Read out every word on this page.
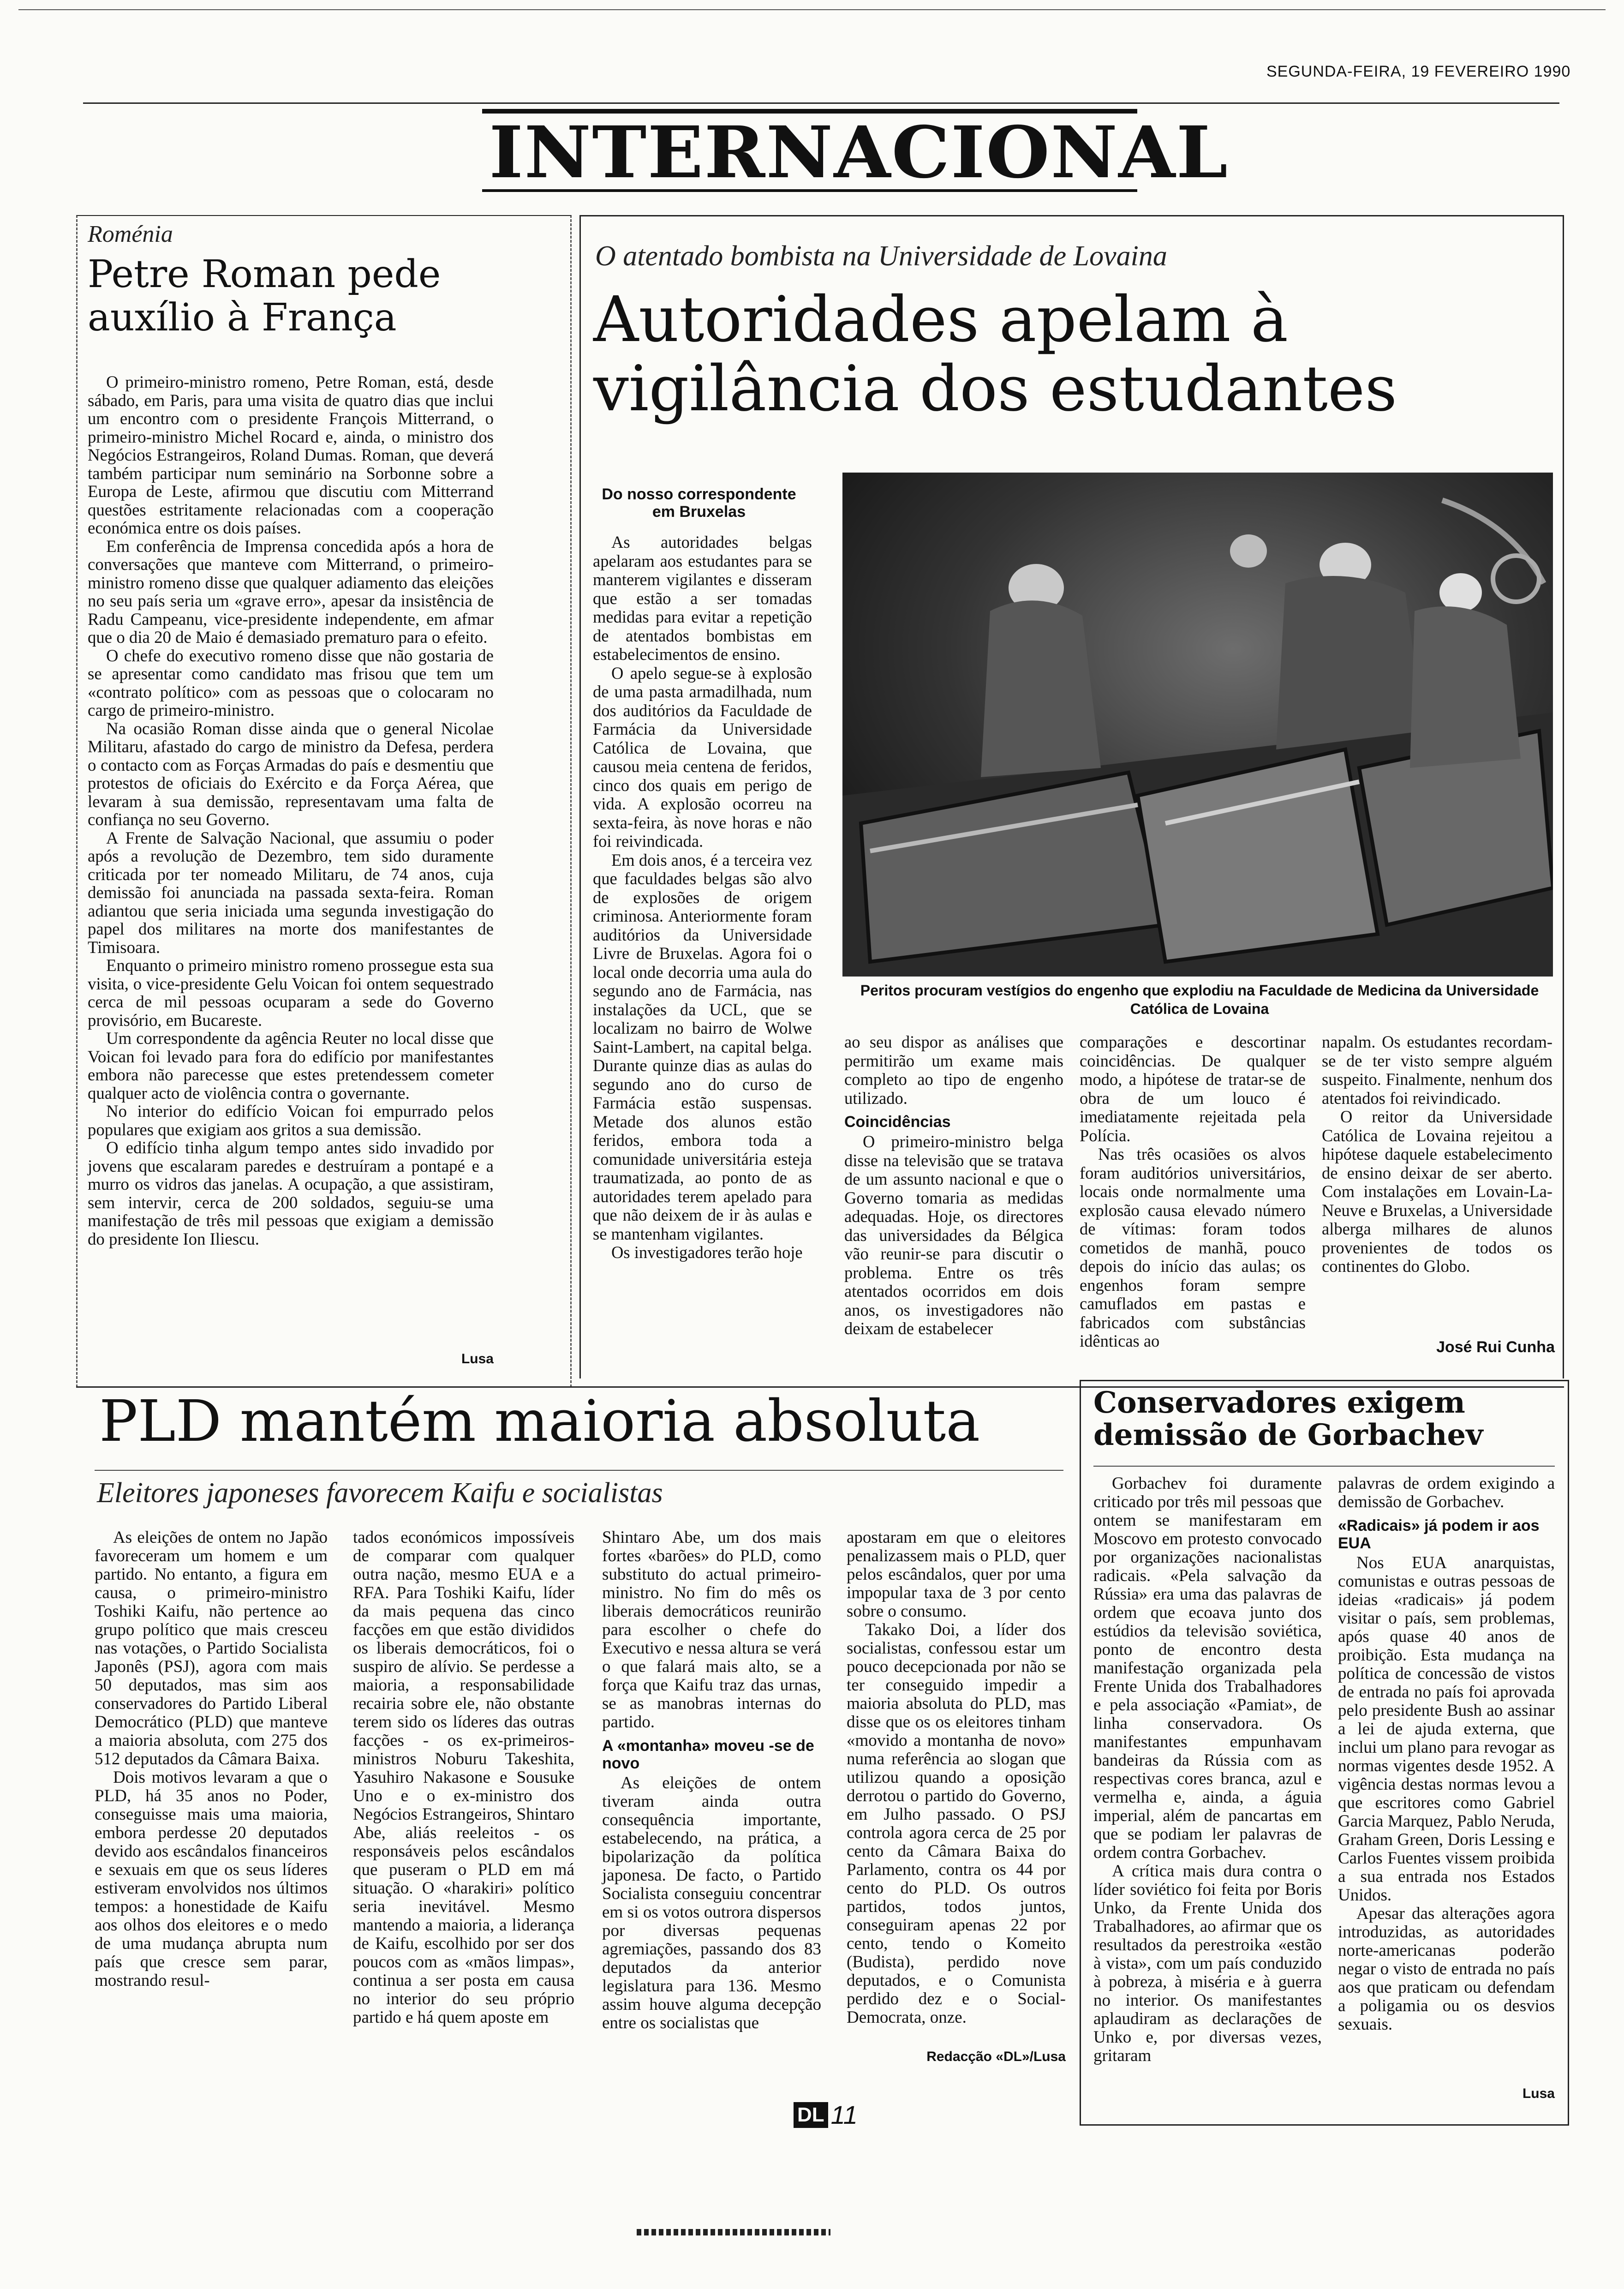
SEGUNDA-FEIRA, 19 FEVEREIRO 1990
INTERNACIONAL
Roménia
Petre Roman pede auxílio à França

O primeiro-ministro romeno, Petre Roman, está, desde sábado, em Paris, para uma visita de quatro dias que inclui um encontro com o presidente François Mitterrand, o primeiro-ministro Michel Rocard e, ainda, o ministro dos Negócios Estrangeiros, Roland Dumas. Roman, que deverá também participar num seminário na Sorbonne sobre a Europa de Leste, afirmou que discutiu com Mitterrand questões estritamente relacionadas com a cooperação económica entre os dois países.

Em conferência de Imprensa concedida após a hora de conversações que manteve com Mitterrand, o primeiro-ministro romeno disse que qualquer adiamento das eleições no seu país seria um «grave erro», apesar da insistência de Radu Campeanu, vice-presidente independente, em afmar que o dia 20 de Maio é demasiado prematuro para o efeito.

O chefe do executivo romeno disse que não gostaria de se apresentar como candidato mas frisou que tem um «contrato político» com as pessoas que o colocaram no cargo de primeiro-ministro.

Na ocasião Roman disse ainda que o general Nicolae Militaru, afastado do cargo de ministro da Defesa, perdera o contacto com as Forças Armadas do país e desmentiu que protestos de oficiais do Exército e da Força Aérea, que levaram à sua demissão, representavam uma falta de confiança no seu Governo.

A Frente de Salvação Nacional, que assumiu o poder após a revolução de Dezembro, tem sido duramente criticada por ter nomeado Militaru, de 74 anos, cuja demissão foi anunciada na passada sexta-feira. Roman adiantou que seria iniciada uma segunda investigação do papel dos militares na morte dos manifestantes de Timisoara.

Enquanto o primeiro ministro romeno prossegue esta sua visita, o vice-presidente Gelu Voican foi ontem sequestrado cerca de mil pessoas ocuparam a sede do Governo provisório, em Bucareste.

Um correspondente da agência Reuter no local disse que Voican foi levado para fora do edifício por manifestantes embora não parecesse que estes pretendessem cometer qualquer acto de violência contra o governante.

No interior do edifício Voican foi empurrado pelos populares que exigiam aos gritos a sua demissão.

O edifício tinha algum tempo antes sido invadido por jovens que escalaram paredes e destruíram a pontapé e a murro os vidros das janelas. A ocupação, a que assistiram, sem intervir, cerca de 200 soldados, seguiu-se uma manifestação de três mil pessoas que exigiam a demissão do presidente Ion Iliescu.

Lusa
O atentado bombista na Universidade de Lovaina
Autoridades apelam à vigilância dos estudantes
Do nosso correspondente em Bruxelas

As autoridades belgas apelaram aos estudantes para se manterem vigilantes e disseram que estão a ser tomadas medidas para evitar a repetição de atentados bombistas em estabelecimentos de ensino.

O apelo segue-se à explosão de uma pasta armadilhada, num dos auditórios da Faculdade de Farmácia da Universidade Católica de Lovaina, que causou meia centena de feridos, cinco dos quais em perigo de vida. A explosão ocorreu na sexta-feira, às nove horas e não foi reivindicada.

Em dois anos, é a terceira vez que faculdades belgas são alvo de explosões de origem criminosa. Anteriormente foram auditórios da Universidade Livre de Bruxelas. Agora foi o local onde decorria uma aula do segundo ano de Farmácia, nas instalações da UCL, que se localizam no bairro de Wolwe Saint-Lambert, na capital belga. Durante quinze dias as aulas do segundo ano do curso de Farmácia estão suspensas. Metade dos alunos estão feridos, embora toda a comunidade universitária esteja traumatizada, ao ponto de as autoridades terem apelado para que não deixem de ir às aulas e se mantenham vigilantes.

Os investigadores terão hoje

Peritos procuram vestígios do engenho que explodiu na Faculdade de Medicina da Universidade Católica de Lovaina
ao seu dispor as análises que permitirão um exame mais completo ao tipo de engenho utilizado.
Coincidências

O primeiro-ministro belga disse na televisão que se tratava de um assunto nacional e que o Governo tomaria as medidas adequadas. Hoje, os directores das universidades da Bélgica vão reunir-se para discutir o problema. Entre os três atentados ocorridos em dois anos, os investigadores não deixam de estabelecer

comparações e descortinar coincidências. De qualquer modo, a hipótese de tratar-se de obra de um louco é imediatamente rejeitada pela Polícia.

Nas três ocasiões os alvos foram auditórios universitários, locais onde normalmente uma explosão causa elevado número de vítimas: foram todos cometidos de manhã, pouco depois do início das aulas; os engenhos foram sempre camuflados em pastas e fabricados com substâncias idênticas ao

napalm. Os estudantes recordam-se de ter visto sempre alguém suspeito. Finalmente, nenhum dos atentados foi reivindicado.

O reitor da Universidade Católica de Lovaina rejeitou a hipótese daquele estabelecimento de ensino deixar de ser aberto. Com instalações em Lovain-La-Neuve e Bruxelas, a Universidade alberga milhares de alunos provenientes de todos os continentes do Globo.

José Rui Cunha
PLD mantém maioria absoluta
Eleitores japoneses favorecem Kaifu e socialistas

As eleições de ontem no Japão favoreceram um homem e um partido. No entanto, a figura em causa, o primeiro-ministro Toshiki Kaifu, não pertence ao grupo político que mais cresceu nas votações, o Partido Socialista Japonês (PSJ), agora com mais 50 deputados, mas sim aos conservadores do Partido Liberal Democrático (PLD) que manteve a maioria absoluta, com 275 dos 512 deputados da Câmara Baixa.

Dois motivos levaram a que o PLD, há 35 anos no Poder, conseguisse mais uma maioria, embora perdesse 20 deputados devido aos escândalos financeiros e sexuais em que os seus líderes estiveram envolvidos nos últimos tempos: a honestidade de Kaifu aos olhos dos eleitores e o medo de uma mudança abrupta num país que cresce sem parar, mostrando resul-

tados económicos impossíveis de comparar com qualquer outra nação, mesmo EUA e a RFA. Para Toshiki Kaifu, líder da mais pequena das cinco facções em que estão divididos os liberais democráticos, foi o suspiro de alívio. Se perdesse a maioria, a responsabilidade recairia sobre ele, não obstante terem sido os líderes das outras facções - os ex-primeiros-ministros Noburu Takeshita, Yasuhiro Nakasone e Sousuke Uno e o ex-ministro dos Negócios Estrangeiros, Shintaro Abe, aliás reeleitos - os responsáveis pelos escândalos que puseram o PLD em má situação. O «harakiri» político seria inevitável. Mesmo mantendo a maioria, a liderança de Kaifu, escolhido por ser dos poucos com as «mãos limpas», continua a ser posta em causa no interior do seu próprio partido e há quem aposte em
Shintaro Abe, um dos mais fortes «barões» do PLD, como substituto do actual primeiro-ministro. No fim do mês os liberais democráticos reunirão para escolher o chefe do Executivo e nessa altura se verá o que falará mais alto, se a força que Kaifu traz das urnas, se as manobras internas do partido.
A «montanha» moveu -se de novo

As eleições de ontem tiveram ainda outra consequência importante, estabelecendo, na prática, a bipolarização da política japonesa. De facto, o Partido Socialista conseguiu concentrar em si os votos outrora dispersos por diversas pequenas agremiações, passando dos 83 deputados da anterior legislatura para 136. Mesmo assim houve alguma decepção entre os socialistas que

apostaram em que o eleitores penalizassem mais o PLD, quer pelos escândalos, quer por uma impopular taxa de 3 por cento sobre o consumo.

Takako Doi, a líder dos socialistas, confessou estar um pouco decepcionada por não se ter conseguido impedir a maioria absoluta do PLD, mas disse que os os eleitores tinham «movido a montanha de novo» numa referência ao slogan que utilizou quando a oposição derrotou o partido do Governo, em Julho passado. O PSJ controla agora cerca de 25 por cento da Câmara Baixa do Parlamento, contra os 44 por cento do PLD. Os outros partidos, todos juntos, conseguiram apenas 22 por cento, tendo o Komeito (Budista), perdido nove deputados, e o Comunista perdido dez e o Social-Democrata, onze.

Redacção «DL»/Lusa
Conservadores exigem demissão de Gorbachev

Gorbachev foi duramente criticado por três mil pessoas que ontem se manifestaram em Moscovo em protesto convocado por organizações nacionalistas radicais. «Pela salvação da Rússia» era uma das palavras de ordem que ecoava junto dos estúdios da televisão soviética, ponto de encontro desta manifestação organizada pela Frente Unida dos Trabalhadores e pela associação «Pamiat», de linha conservadora. Os manifestantes empunhavam bandeiras da Rússia com as respectivas cores branca, azul e vermelha e, ainda, a águia imperial, além de pancartas em que se podiam ler palavras de ordem contra Gorbachev.

A crítica mais dura contra o líder soviético foi feita por Boris Unko, da Frente Unida dos Trabalhadores, ao afirmar que os resultados da perestroika «estão à vista», com um país conduzido à pobreza, à miséria e à guerra no interior. Os manifestantes aplaudiram as declarações de Unko e, por diversas vezes, gritaram

palavras de ordem exigindo a demissão de Gorbachev.
«Radicais» já podem ir aos EUA

Nos EUA anarquistas, comunistas e outras pessoas de ideias «radicais» já podem visitar o país, sem problemas, após quase 40 anos de proibição. Esta mudança na política de concessão de vistos de entrada no país foi aprovada pelo presidente Bush ao assinar a lei de ajuda externa, que inclui um plano para revogar as normas vigentes desde 1952. A vigência destas normas levou a que escritores como Gabriel Garcia Marquez, Pablo Neruda, Graham Green, Doris Lessing e Carlos Fuentes vissem proibida a sua entrada nos Estados Unidos.

Apesar das alterações agora introduzidas, as autoridades norte-americanas poderão negar o visto de entrada no país aos que praticam ou defendam a poligamia ou os desvios sexuais.

Lusa
DL 11
